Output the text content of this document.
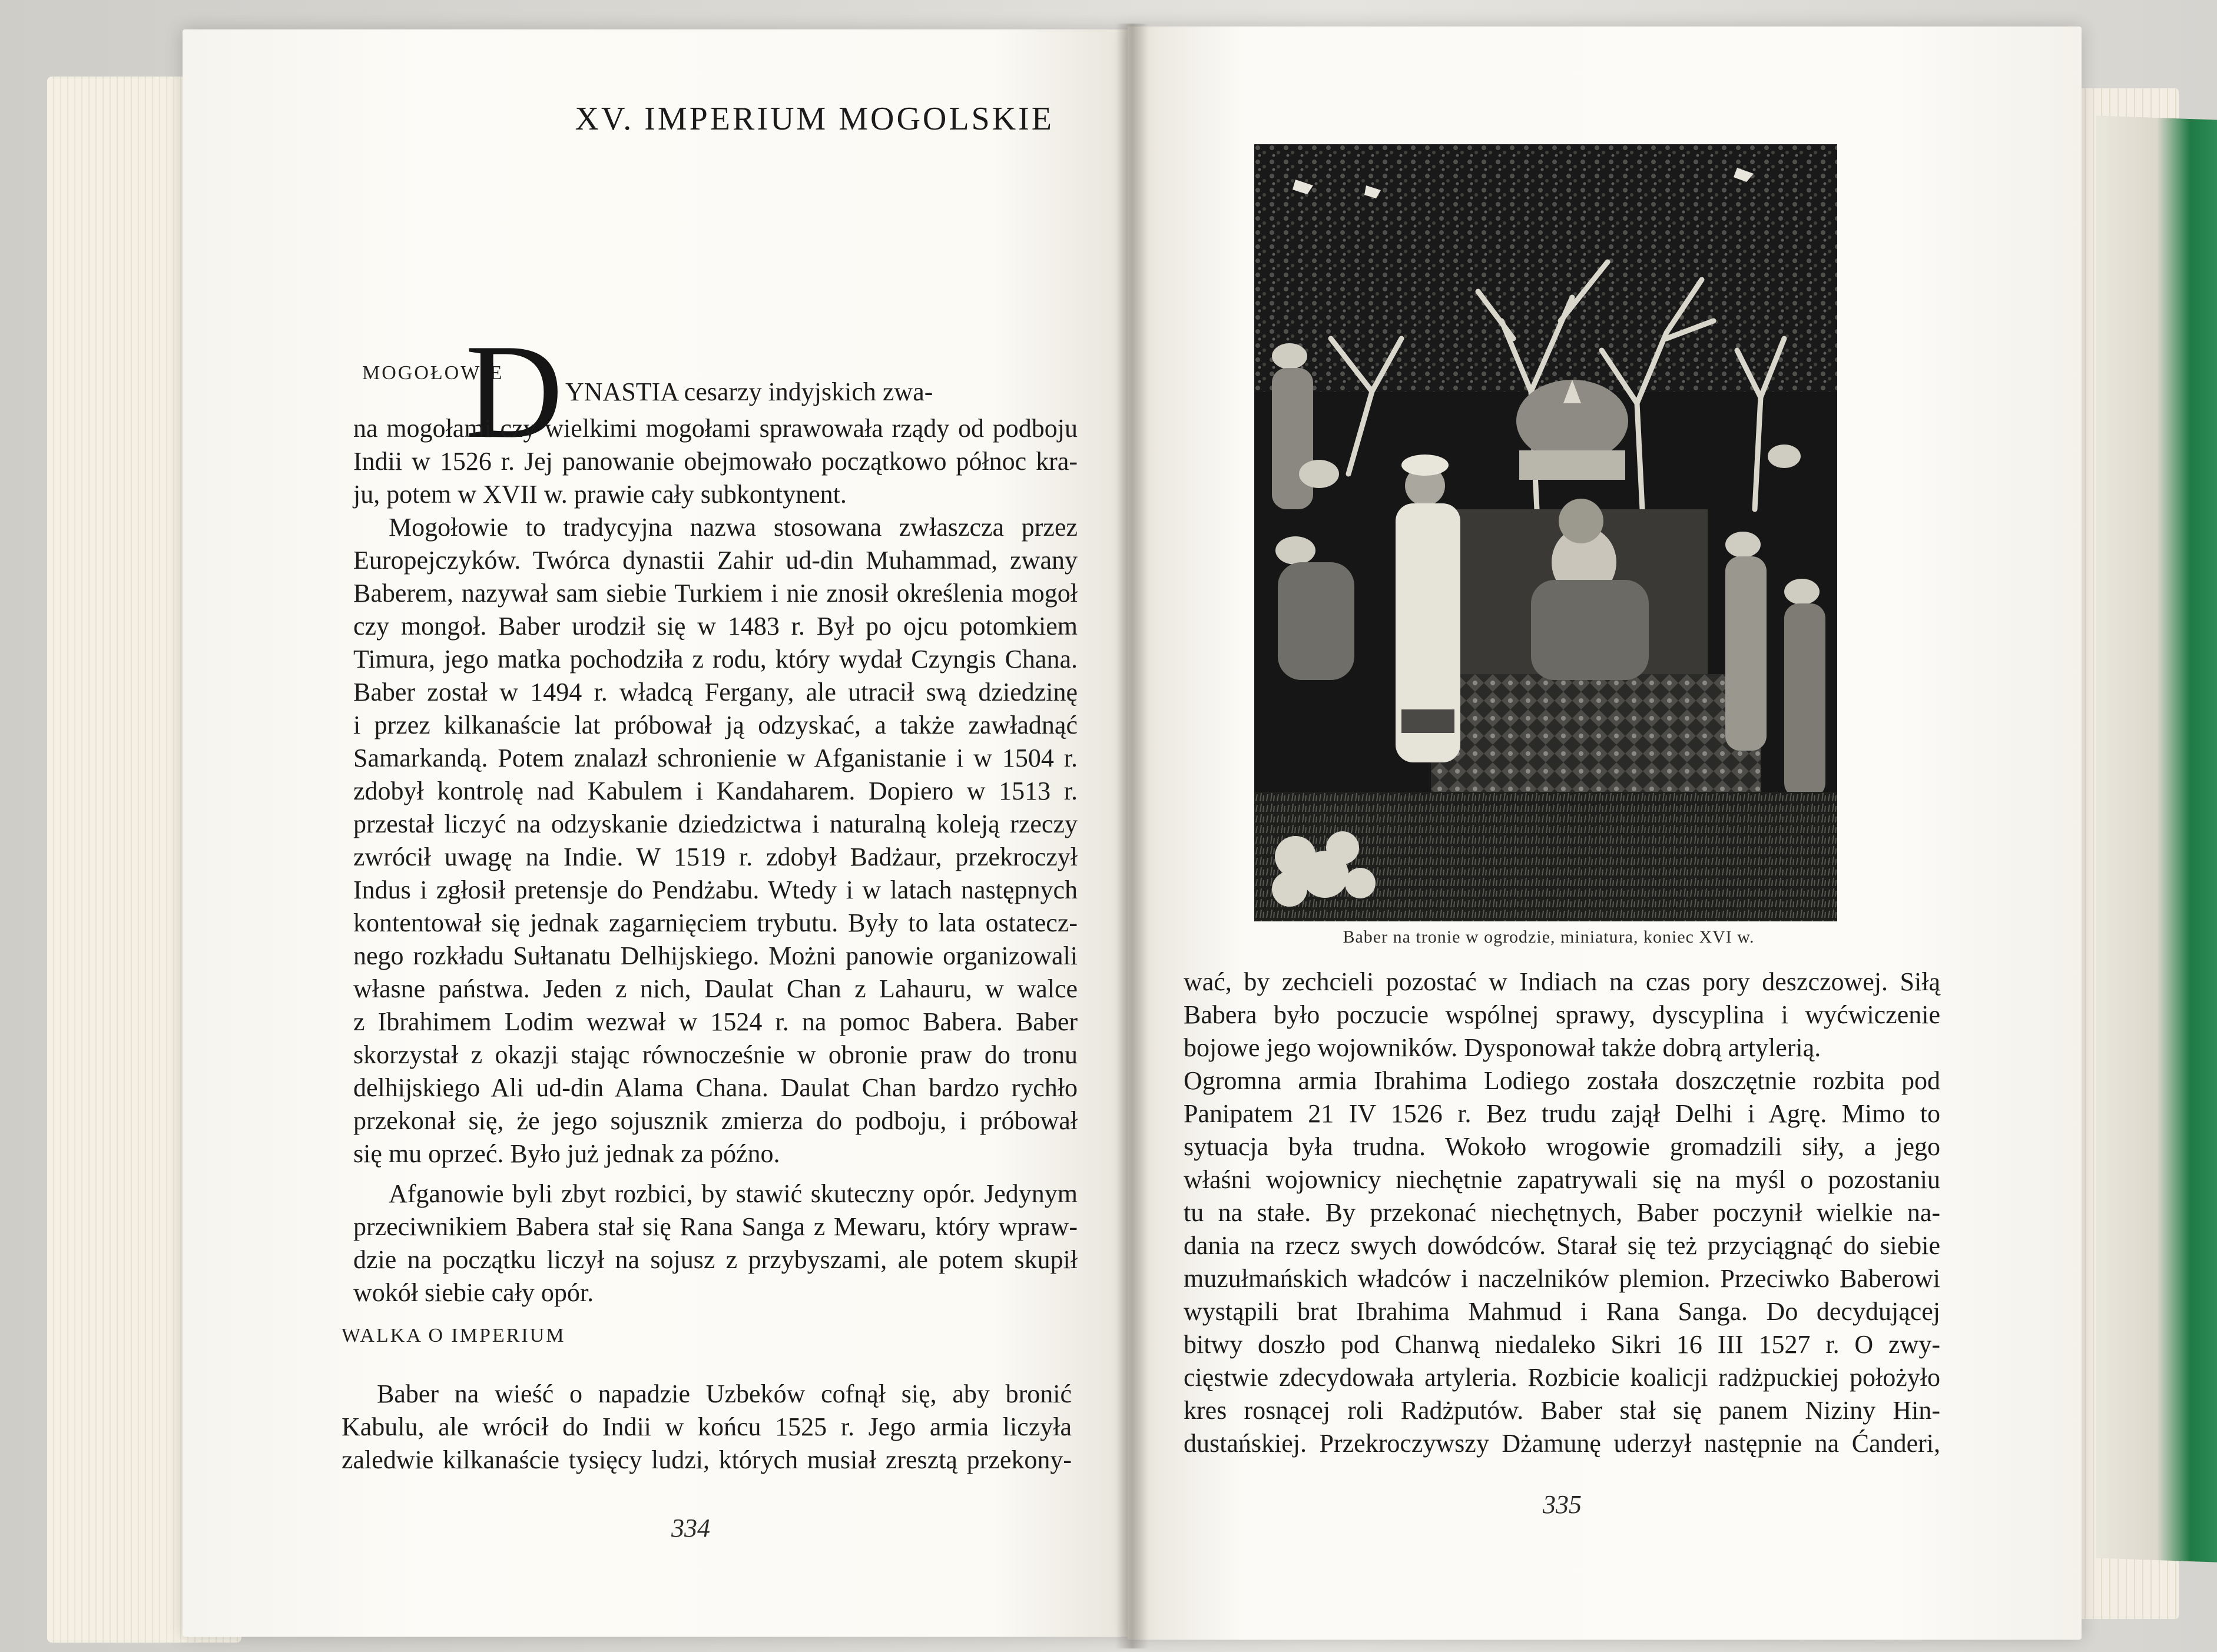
XV. IMPERIUM MOGOLSKIE
MOGOŁOWIE
D YNASTIA cesarzy indyjskich zwa-
na mogołami czy wielkimi mogołami sprawowała rządy od podboju
Indii w 1526 r. Jej panowanie obejmowało początkowo północ kra-
ju, potem w XVII w. prawie cały subkontynent.
Mogołowie to tradycyjna nazwa stosowana zwłaszcza przez
Europejczyków. Twórca dynastii Zahir ud-din Muhammad, zwany
Baberem, nazywał sam siebie Turkiem i nie znosił określenia mogoł
czy mongoł. Baber urodził się w 1483 r. Był po ojcu potomkiem
Timura, jego matka pochodziła z rodu, który wydał Czyngis Chana.
Baber został w 1494 r. władcą Fergany, ale utracił swą dziedzinę
i przez kilkanaście lat próbował ją odzyskać, a także zawładnąć
Samarkandą. Potem znalazł schronienie w Afganistanie i w 1504 r.
zdobył kontrolę nad Kabulem i Kandaharem. Dopiero w 1513 r.
przestał liczyć na odzyskanie dziedzictwa i naturalną koleją rzeczy
zwrócił uwagę na Indie. W 1519 r. zdobył Badżaur, przekroczył
Indus i zgłosił pretensje do Pendżabu. Wtedy i w latach następnych
kontentował się jednak zagarnięciem trybutu. Były to lata ostatecz-
nego rozkładu Sułtanatu Delhijskiego. Możni panowie organizowali
własne państwa. Jeden z nich, Daulat Chan z Lahauru, w walce
z Ibrahimem Lodim wezwał w 1524 r. na pomoc Babera. Baber
skorzystał z okazji stając równocześnie w obronie praw do tronu
delhijskiego Ali ud-din Alama Chana. Daulat Chan bardzo rychło
przekonał się, że jego sojusznik zmierza do podboju, i próbował
się mu oprzeć. Było już jednak za późno.
Afganowie byli zbyt rozbici, by stawić skuteczny opór. Jedynym
przeciwnikiem Babera stał się Rana Sanga z Mewaru, który wpraw-
dzie na początku liczył na sojusz z przybyszami, ale potem skupił
wokół siebie cały opór.
WALKA O IMPERIUM
Baber na wieść o napadzie Uzbeków cofnął się, aby bronić
Kabulu, ale wrócił do Indii w końcu 1525 r. Jego armia liczyła
zaledwie kilkanaście tysięcy ludzi, których musiał zresztą przekony-
334
Baber na tronie w ogrodzie, miniatura, koniec XVI w.
wać, by zechcieli pozostać w Indiach na czas pory deszczowej. Siłą
Babera było poczucie wspólnej sprawy, dyscyplina i wyćwiczenie
bojowe jego wojowników. Dysponował także dobrą artylerią.
Ogromna armia Ibrahima Lodiego została doszczętnie rozbita pod
Panipatem 21 IV 1526 r. Bez trudu zajął Delhi i Agrę. Mimo to
sytuacja była trudna. Wokoło wrogowie gromadzili siły, a jego
właśni wojownicy niechętnie zapatrywali się na myśl o pozostaniu
tu na stałe. By przekonać niechętnych, Baber poczynił wielkie na-
dania na rzecz swych dowódców. Starał się też przyciągnąć do siebie
muzułmańskich władców i naczelników plemion. Przeciwko Baberowi
wystąpili brat Ibrahima Mahmud i Rana Sanga. Do decydującej
bitwy doszło pod Chanwą niedaleko Sikri 16 III 1527 r. O zwy-
cięstwie zdecydowała artyleria. Rozbicie koalicji radżpuckiej położyło
kres rosnącej roli Radżputów. Baber stał się panem Niziny Hin-
dustańskiej. Przekroczywszy Dżamunę uderzył następnie na Ćanderi,
335
